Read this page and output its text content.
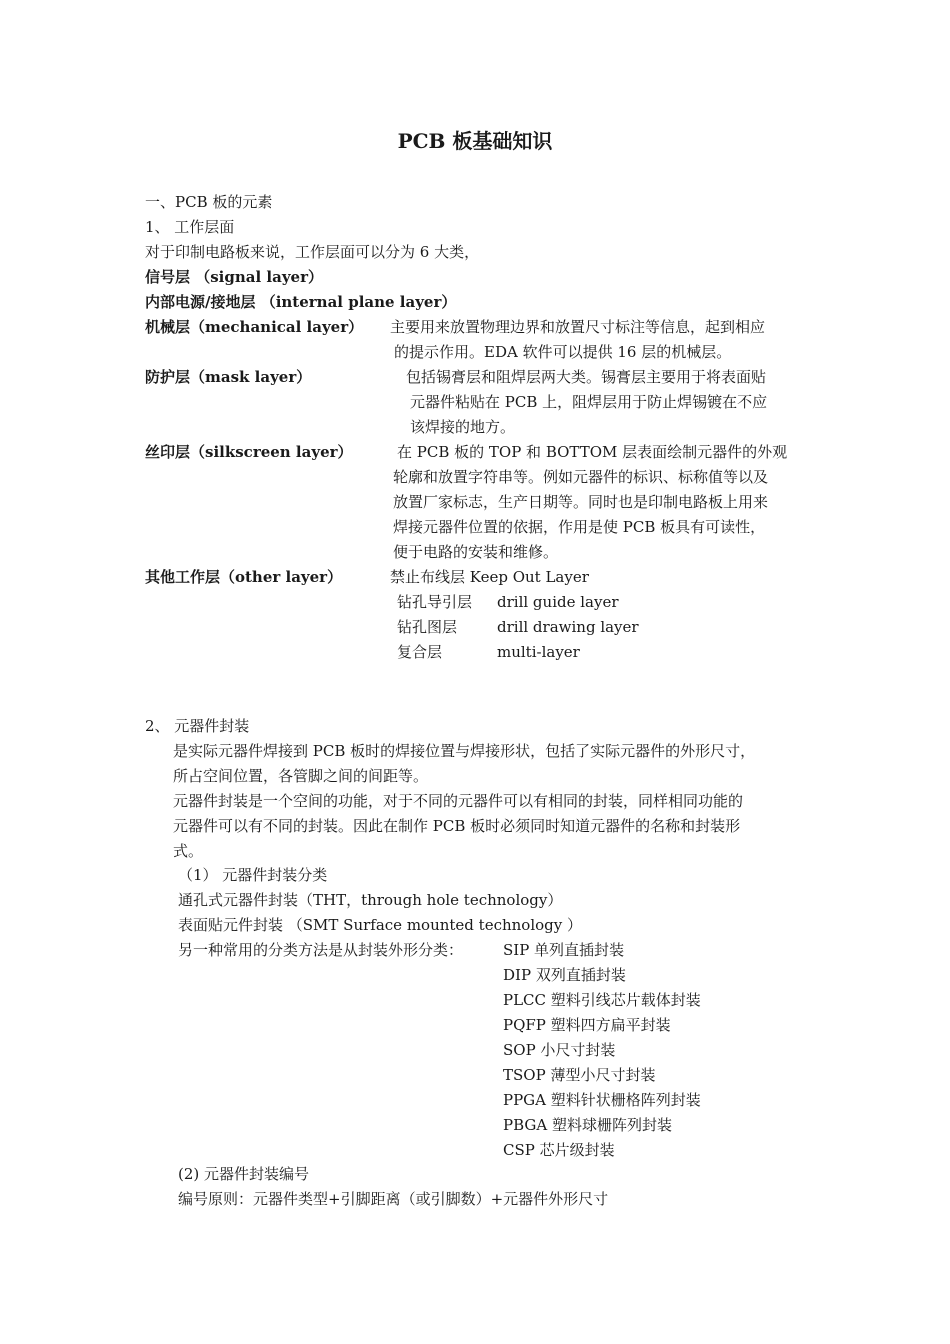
PCB 板基础知识
一、PCB 板的元素
1、 工作层面
对于印制电路板来说，工作层面可以分为 6 大类，
信号层 （signal layer）
内部电源/接地层 （internal plane layer）
机械层（mechanical layer） 主要用来放置物理边界和放置尺寸标注等信息，起到相应
的提示作用。EDA 软件可以提供 16 层的机械层。
防护层（mask layer）	包括锡膏层和阻焊层两大类。锡膏层主要用于将表面贴
元器件粘贴在 PCB 上，阻焊层用于防止焊锡镀在不应
该焊接的地方。
丝印层（silkscreen layer）	在 PCB 板的 TOP 和 BOTTOM 层表面绘制元器件的外观
轮廓和放置字符串等。例如元器件的标识、标称值等以及
放置厂家标志，生产日期等。同时也是印制电路板上用来
焊接元器件位置的依据，作用是使 PCB 板具有可读性，
便于电路的安装和维修。
其他工作层（other layer）	禁止布线层 Keep Out Layer
钻孔导引层 drill guide layer
钻孔图层	drill drawing layer
复合层	multi-layer
2、 元器件封装
是实际元器件焊接到 PCB 板时的焊接位置与焊接形状，包括了实际元器件的外形尺寸，
所占空间位置，各管脚之间的间距等。
元器件封装是一个空间的功能，对于不同的元器件可以有相同的封装，同样相同功能的
元器件可以有不同的封装。因此在制作 PCB 板时必须同时知道元器件的名称和封装形
式。
（1） 元器件封装分类
通孔式元器件封装（THT，through hole technology）
表面贴元件封装 （SMT Surface mounted technology ）
另一种常用的分类方法是从封装外形分类：	SIP 单列直插封装
DIP 双列直插封装
PLCC 塑料引线芯片载体封装
PQFP 塑料四方扁平封装
SOP 小尺寸封装
TSOP 薄型小尺寸封装
PPGA 塑料针状栅格阵列封装
PBGA 塑料球栅阵列封装
CSP 芯片级封装
(2) 元器件封装编号
编号原则：元器件类型+引脚距离（或引脚数）+元器件外形尺寸
